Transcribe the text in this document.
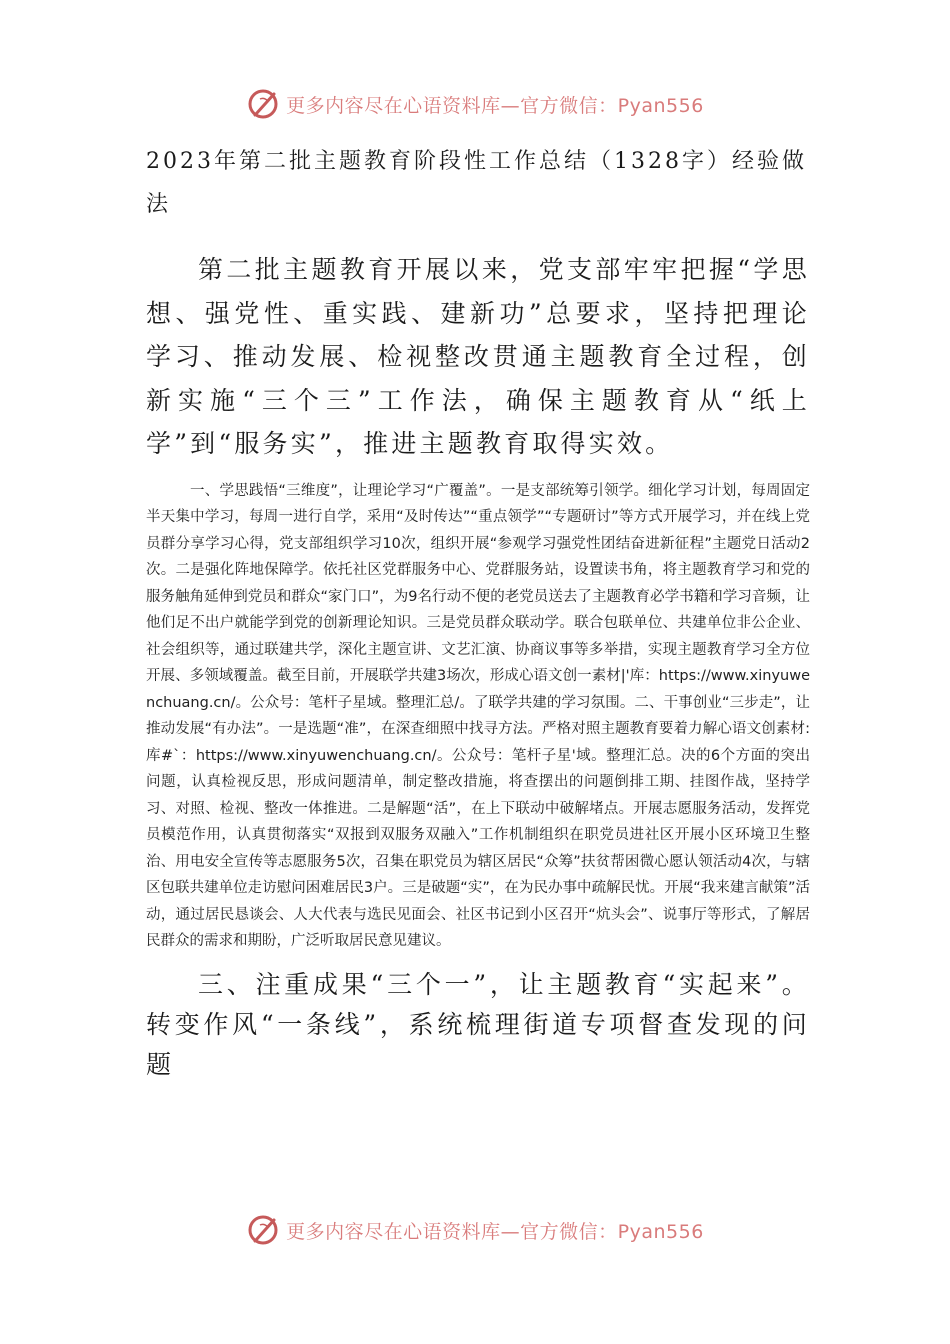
更多内容尽在心语资料库—官方微信：Pyan556

2023年第二批主题教育阶段性工作总结（1328字）经验做法

第二批主题教育开展以来，党支部牢牢把握“学思想、强党性、重实践、建新功”总要求，坚持把理论学习、推动发展、检视整改贯通主题教育全过程，创新实施“三个三”工作法，确保主题教育从“纸上学”到“服务实”，推进主题教育取得实效。

一、学思践悟“三维度”，让理论学习“广覆盖”。一是支部统筹引领学。细化学习计划，每周固定半天集中学习，每周一进行自学，采用“及时传达”“重点领学”“专题研讨”等方式开展学习，并在线上党员群分享学习心得，党支部组织学习10次，组织开展“参观学习强党性团结奋进新征程”主题党日活动2次。二是强化阵地保障学。依托社区党群服务中心、党群服务站，设置读书角，将主题教育学习和党的服务触角延伸到党员和群众“家门口”，为9名行动不便的老党员送去了主题教育必学书籍和学习音频，让他们足不出户就能学到党的创新理论知识。三是党员群众联动学。联合包联单位、共建单位非公企业、社会组织等，通过联建共学，深化主题宣讲、文艺汇演、协商议事等多举措，实现主题教育学习全方位开展、多领域覆盖。截至目前，开展联学共建3场次，形成心语文创一素材|'库：https://www.xinyuwenchuang.cn/。公众号：笔杆子星域。整理汇总/。了联学共建的学习氛围。二、干事创业“三步走”，让推动发展“有办法”。一是选题“准”，在深查细照中找寻方法。严格对照主题教育要着力解心语文创素材:库#`：https://www.xinyuwenchuang.cn/。公众号：笔杆子星'域。整理汇总。决的6个方面的突出问题，认真检视反思，形成问题清单，制定整改措施，将查摆出的问题倒排工期、挂图作战，坚持学习、对照、检视、整改一体推进。二是解题“活”，在上下联动中破解堵点。开展志愿服务活动，发挥党员模范作用，认真贯彻落实“双报到双服务双融入”工作机制组织在职党员进社区开展小区环境卫生整治、用电安全宣传等志愿服务5次，召集在职党员为辖区居民“众筹”扶贫帮困微心愿认领活动4次，与辖区包联共建单位走访慰问困难居民3户。三是破题“实”，在为民办事中疏解民忧。开展“我来建言献策”活动，通过居民恳谈会、人大代表与选民见面会、社区书记到小区召开“炕头会”、说事厅等形式，了解居民群众的需求和期盼，广泛听取居民意见建议。

三、注重成果“三个一”，让主题教育“实起来”。转变作风“一条线”，系统梳理街道专项督查发现的问题

更多内容尽在心语资料库—官方微信：Pyan556
